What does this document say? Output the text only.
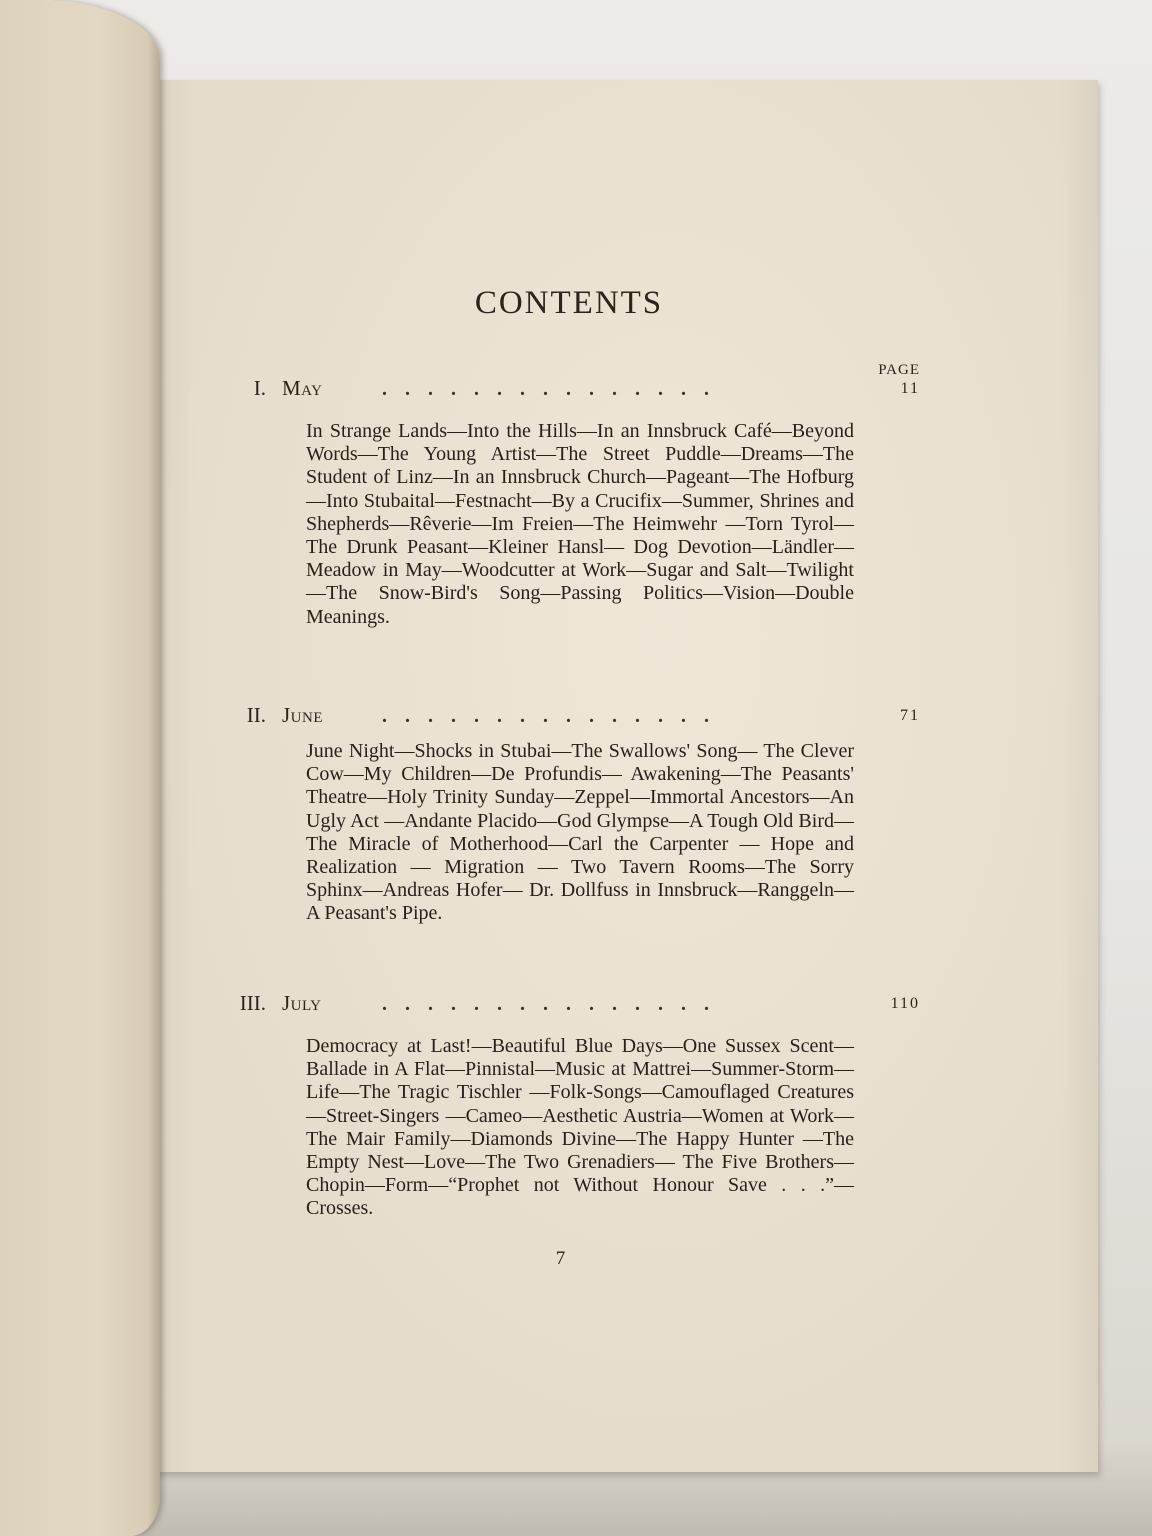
CONTENTS
PAGE
I. May	...............	11

In Strange Lands—Into the Hills—In an Innsbruck Café—Beyond Words—The Young Artist—The Street Puddle—Dreams—The Student of Linz—In an Innsbruck Church—Pageant—The Hofburg—Into Stubaital—Festnacht—By a Crucifix—Summer, Shrines and Shepherds—Rêverie—Im Freien—The Heimwehr —Torn Tyrol—The Drunk Peasant—Kleiner Hansl— Dog Devotion—Ländler—Meadow in May—Woodcutter at Work—Sugar and Salt—Twilight—The Snow-Bird's Song—Passing Politics—Vision—Double Meanings.

II. June	...............	71

June Night—Shocks in Stubai—The Swallows' Song— The Clever Cow—My Children—De Profundis— Awakening—The Peasants' Theatre—Holy Trinity Sunday—Zeppel—Immortal Ancestors—An Ugly Act —Andante Placido—God Glympse—A Tough Old Bird—The Miracle of Motherhood—Carl the Carpenter — Hope and Realization — Migration — Two Tavern Rooms—The Sorry Sphinx—Andreas Hofer— Dr. Dollfuss in Innsbruck—Ranggeln—A Peasant's Pipe.

III. July	...............	110

Democracy at Last!—Beautiful Blue Days—One Sussex Scent—Ballade in A Flat—Pinnistal—Music at Mattrei—Summer-Storm—Life—The Tragic Tischler —Folk-Songs—Camouflaged Creatures—Street-Singers —Cameo—Aesthetic Austria—Women at Work—The Mair Family—Diamonds Divine—The Happy Hunter —The Empty Nest—Love—The Two Grenadiers— The Five Brothers—Chopin—Form—“Prophet not Without Honour Save . . .”—Crosses.

7
